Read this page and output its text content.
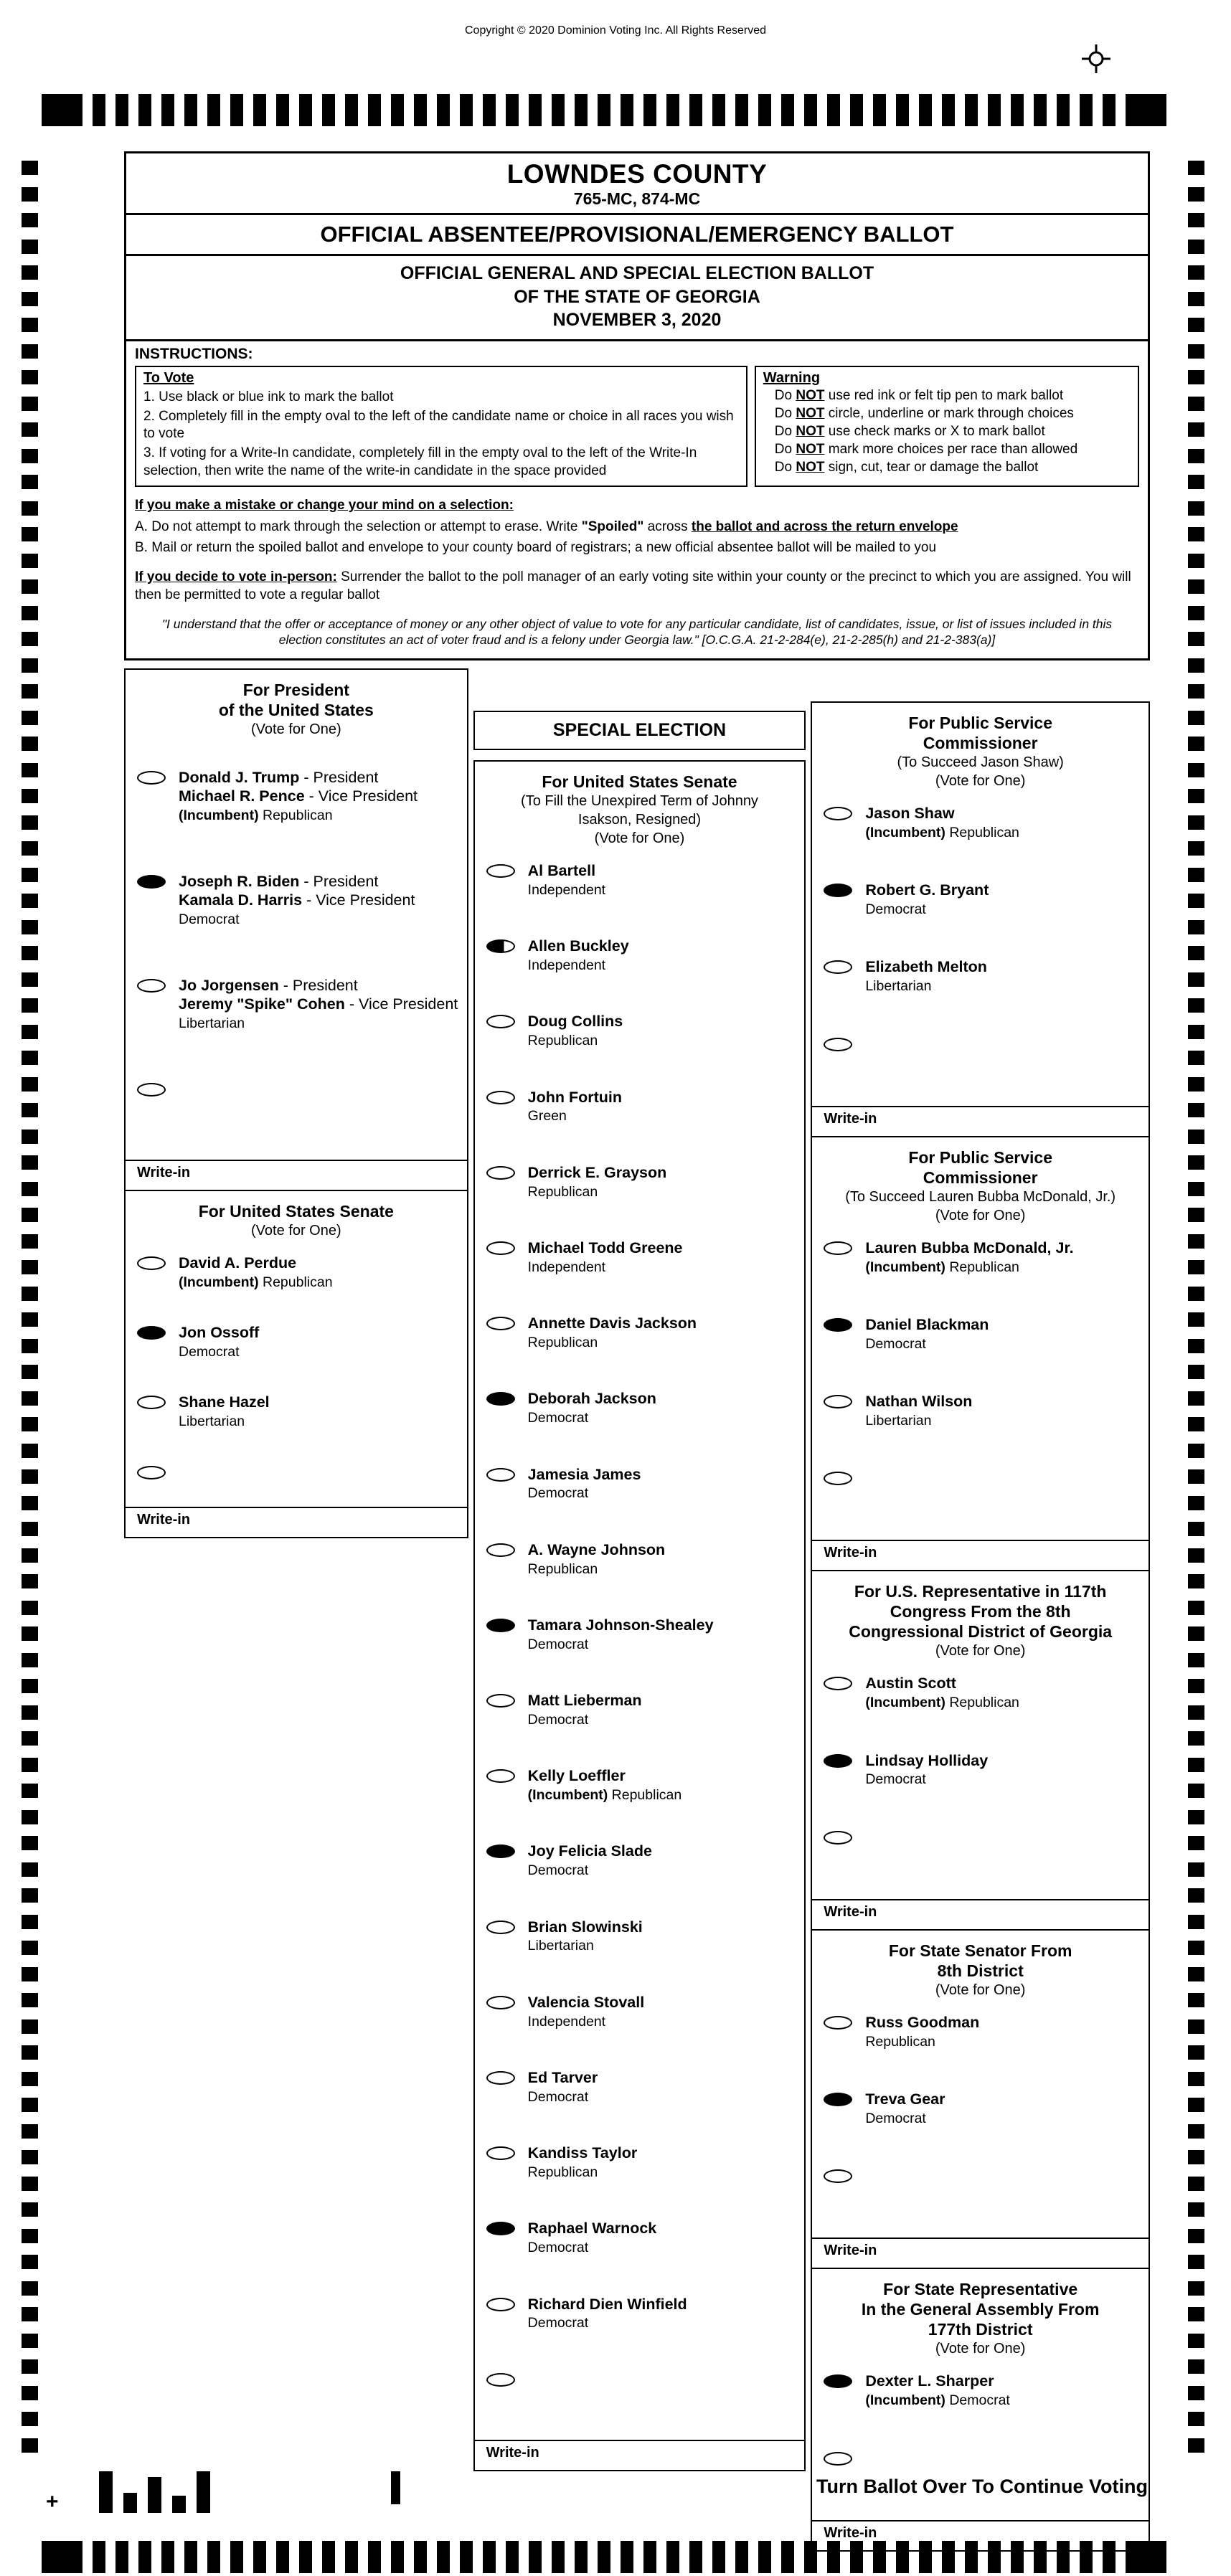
Copyright © 2020 Dominion Voting Inc. All Rights Reserved
LOWNDES COUNTY
765-MC, 874-MC
OFFICIAL ABSENTEE/PROVISIONAL/EMERGENCY BALLOT
OFFICIAL GENERAL AND SPECIAL ELECTION BALLOT
OF THE STATE OF GEORGIA
NOVEMBER 3, 2020
INSTRUCTIONS:
To Vote
1. Use black or blue ink to mark the ballot
2. Completely fill in the empty oval to the left of the candidate name or choice in all races you wish to vote
3. If voting for a Write-In candidate, completely fill in the empty oval to the left of the Write-In selection, then write the name of the write-in candidate in the space provided
Warning
Do NOT use red ink or felt tip pen to mark ballot
Do NOT circle, underline or mark through choices
Do NOT use check marks or X to mark ballot
Do NOT mark more choices per race than allowed
Do NOT sign, cut, tear or damage the ballot
If you make a mistake or change your mind on a selection:
A. Do not attempt to mark through the selection or attempt to erase. Write "Spoiled" across the ballot and across the return envelope
B. Mail or return the spoiled ballot and envelope to your county board of registrars; a new official absentee ballot will be mailed to you
If you decide to vote in-person: Surrender the ballot to the poll manager of an early voting site within your county or the precinct to which you are assigned. You will then be permitted to vote a regular ballot
"I understand that the offer or acceptance of money or any other object of value to vote for any particular candidate, list of candidates, issue, or list of issues included in this election constitutes an act of voter fraud and is a felony under Georgia law." [O.C.G.A. 21-2-284(e), 21-2-285(h) and 21-2-383(a)]
For President
of the United States
(Vote for One)
Donald J. Trump - President
Michael R. Pence - Vice President
(Incumbent) Republican
Joseph R. Biden - President
Kamala D. Harris - Vice President
Democrat
Jo Jorgensen - President
Jeremy "Spike" Cohen - Vice President
Libertarian
Write-in
For United States Senate
(Vote for One)
David A. Perdue
(Incumbent) Republican
Jon Ossoff
Democrat
Shane Hazel
Libertarian
Write-in
SPECIAL ELECTION
For United States Senate
(To Fill the Unexpired Term of Johnny
Isakson, Resigned)
(Vote for One)
Al Bartell
Independent
Allen Buckley
Independent
Doug Collins
Republican
John Fortuin
Green
Derrick E. Grayson
Republican
Michael Todd Greene
Independent
Annette Davis Jackson
Republican
Deborah Jackson
Democrat
Jamesia James
Democrat
A. Wayne Johnson
Republican
Tamara Johnson-Shealey
Democrat
Matt Lieberman
Democrat
Kelly Loeffler
(Incumbent) Republican
Joy Felicia Slade
Democrat
Brian Slowinski
Libertarian
Valencia Stovall
Independent
Ed Tarver
Democrat
Kandiss Taylor
Republican
Raphael Warnock
Democrat
Richard Dien Winfield
Democrat
Write-in
For Public Service
Commissioner
(To Succeed Jason Shaw)
(Vote for One)
Jason Shaw
(Incumbent) Republican
Robert G. Bryant
Democrat
Elizabeth Melton
Libertarian
Write-in
For Public Service
Commissioner
(To Succeed Lauren Bubba McDonald, Jr.)
(Vote for One)
Lauren Bubba McDonald, Jr.
(Incumbent) Republican
Daniel Blackman
Democrat
Nathan Wilson
Libertarian
Write-in
For U.S. Representative in 117th
Congress From the 8th
Congressional District of Georgia
(Vote for One)
Austin Scott
(Incumbent) Republican
Lindsay Holliday
Democrat
Write-in
For State Senator From
8th District
(Vote for One)
Russ Goodman
Republican
Treva Gear
Democrat
Write-in
For State Representative
In the General Assembly From
177th District
(Vote for One)
Dexter L. Sharper
(Incumbent) Democrat
Write-in
+
Turn Ballot Over To Continue Voting
